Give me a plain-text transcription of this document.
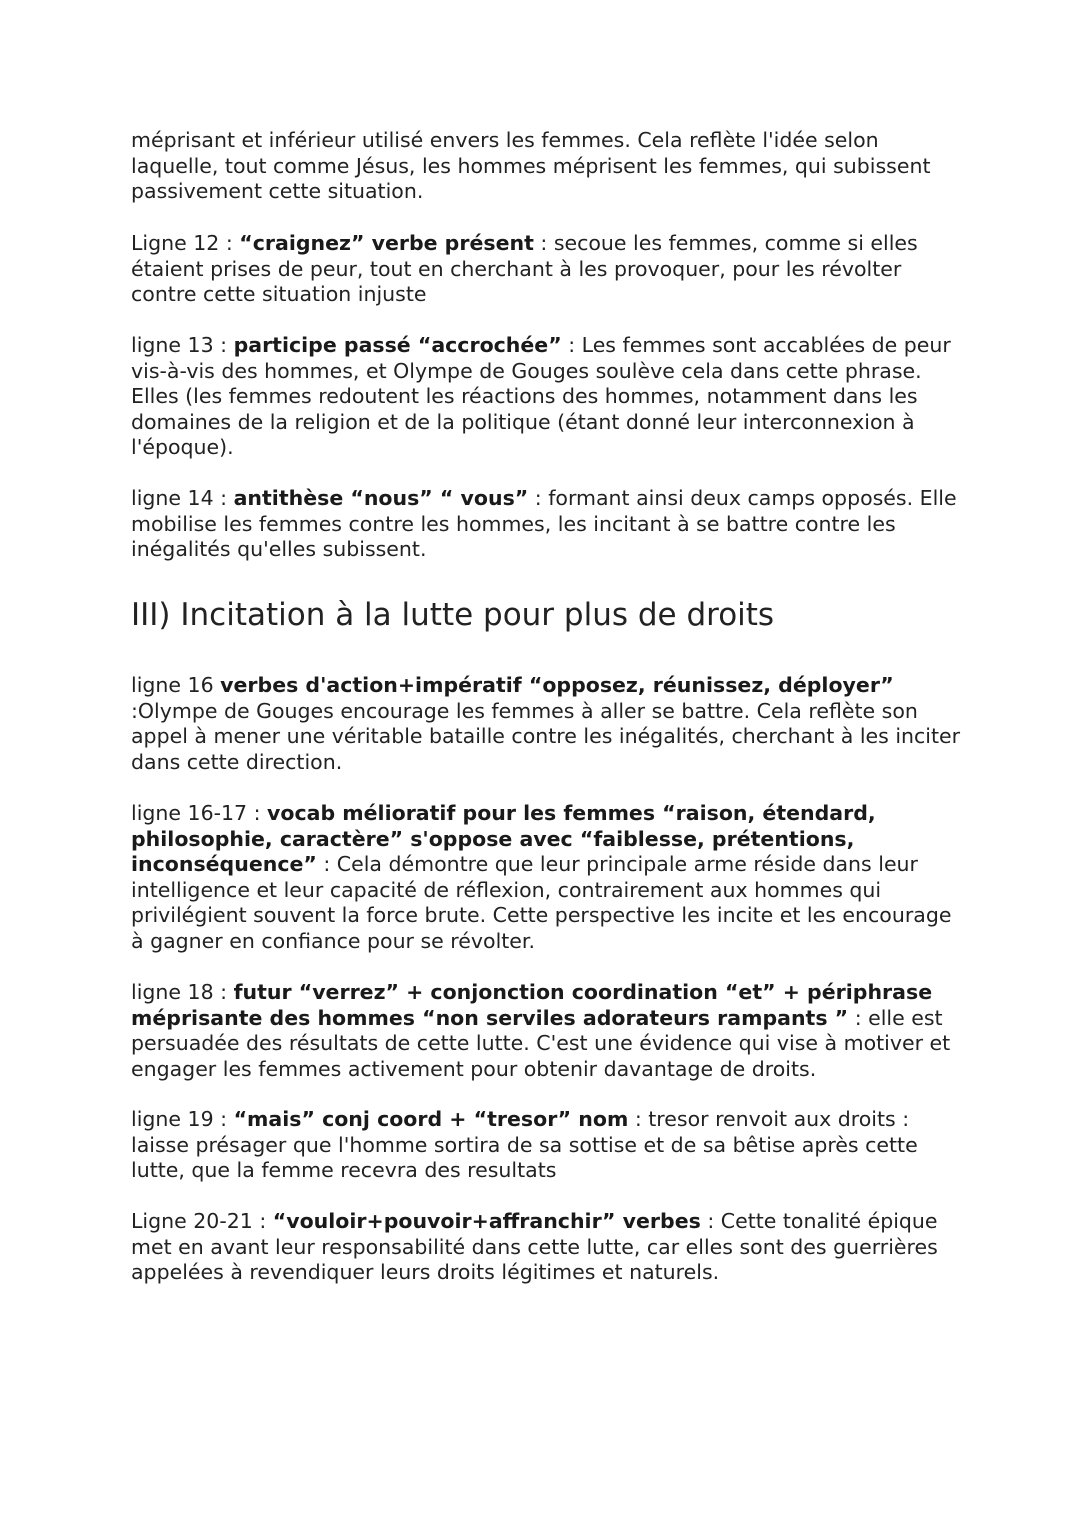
méprisant et inférieur utilisé envers les femmes. Cela reflète l'idée selon laquelle, tout comme Jésus, les hommes méprisent les femmes, qui subissent passivement cette situation.

Ligne 12 : “craignez” verbe présent : secoue les femmes, comme si elles étaient prises de peur, tout en cherchant à les provoquer, pour les révolter contre cette situation injuste

ligne 13 : participe passé “accrochée” : Les femmes sont accablées de peur vis-à-vis des hommes, et Olympe de Gouges soulève cela dans cette phrase. Elles (les femmes redoutent les réactions des hommes, notamment dans les domaines de la religion et de la politique (étant donné leur interconnexion à l'époque).

ligne 14 : antithèse “nous” “ vous” : formant ainsi deux camps opposés. Elle mobilise les femmes contre les hommes, les incitant à se battre contre les inégalités qu'elles subissent.

III) Incitation à la lutte pour plus de droits

ligne 16 verbes d'action+impératif “opposez, réunissez, déployer” :Olympe de Gouges encourage les femmes à aller se battre. Cela reflète son appel à mener une véritable bataille contre les inégalités, cherchant à les inciter dans cette direction.

ligne 16-17 : vocab mélioratif pour les femmes “raison, étendard, philosophie, caractère” s'oppose avec “faiblesse, prétentions, inconséquence” : Cela démontre que leur principale arme réside dans leur intelligence et leur capacité de réflexion, contrairement aux hommes qui privilégient souvent la force brute. Cette perspective les incite et les encourage à gagner en confiance pour se révolter.

ligne 18 : futur “verrez” + conjonction coordination “et” + périphrase méprisante des hommes “non serviles adorateurs rampants ” : elle est persuadée des résultats de cette lutte. C'est une évidence qui vise à motiver et engager les femmes activement pour obtenir davantage de droits.

ligne 19 : “mais” conj coord + “tresor” nom : tresor renvoit aux droits : laisse présager que l'homme sortira de sa sottise et de sa bêtise après cette lutte, que la femme recevra des resultats

Ligne 20-21 : “vouloir+pouvoir+affranchir” verbes : Cette tonalité épique met en avant leur responsabilité dans cette lutte, car elles sont des guerrières appelées à revendiquer leurs droits légitimes et naturels.
